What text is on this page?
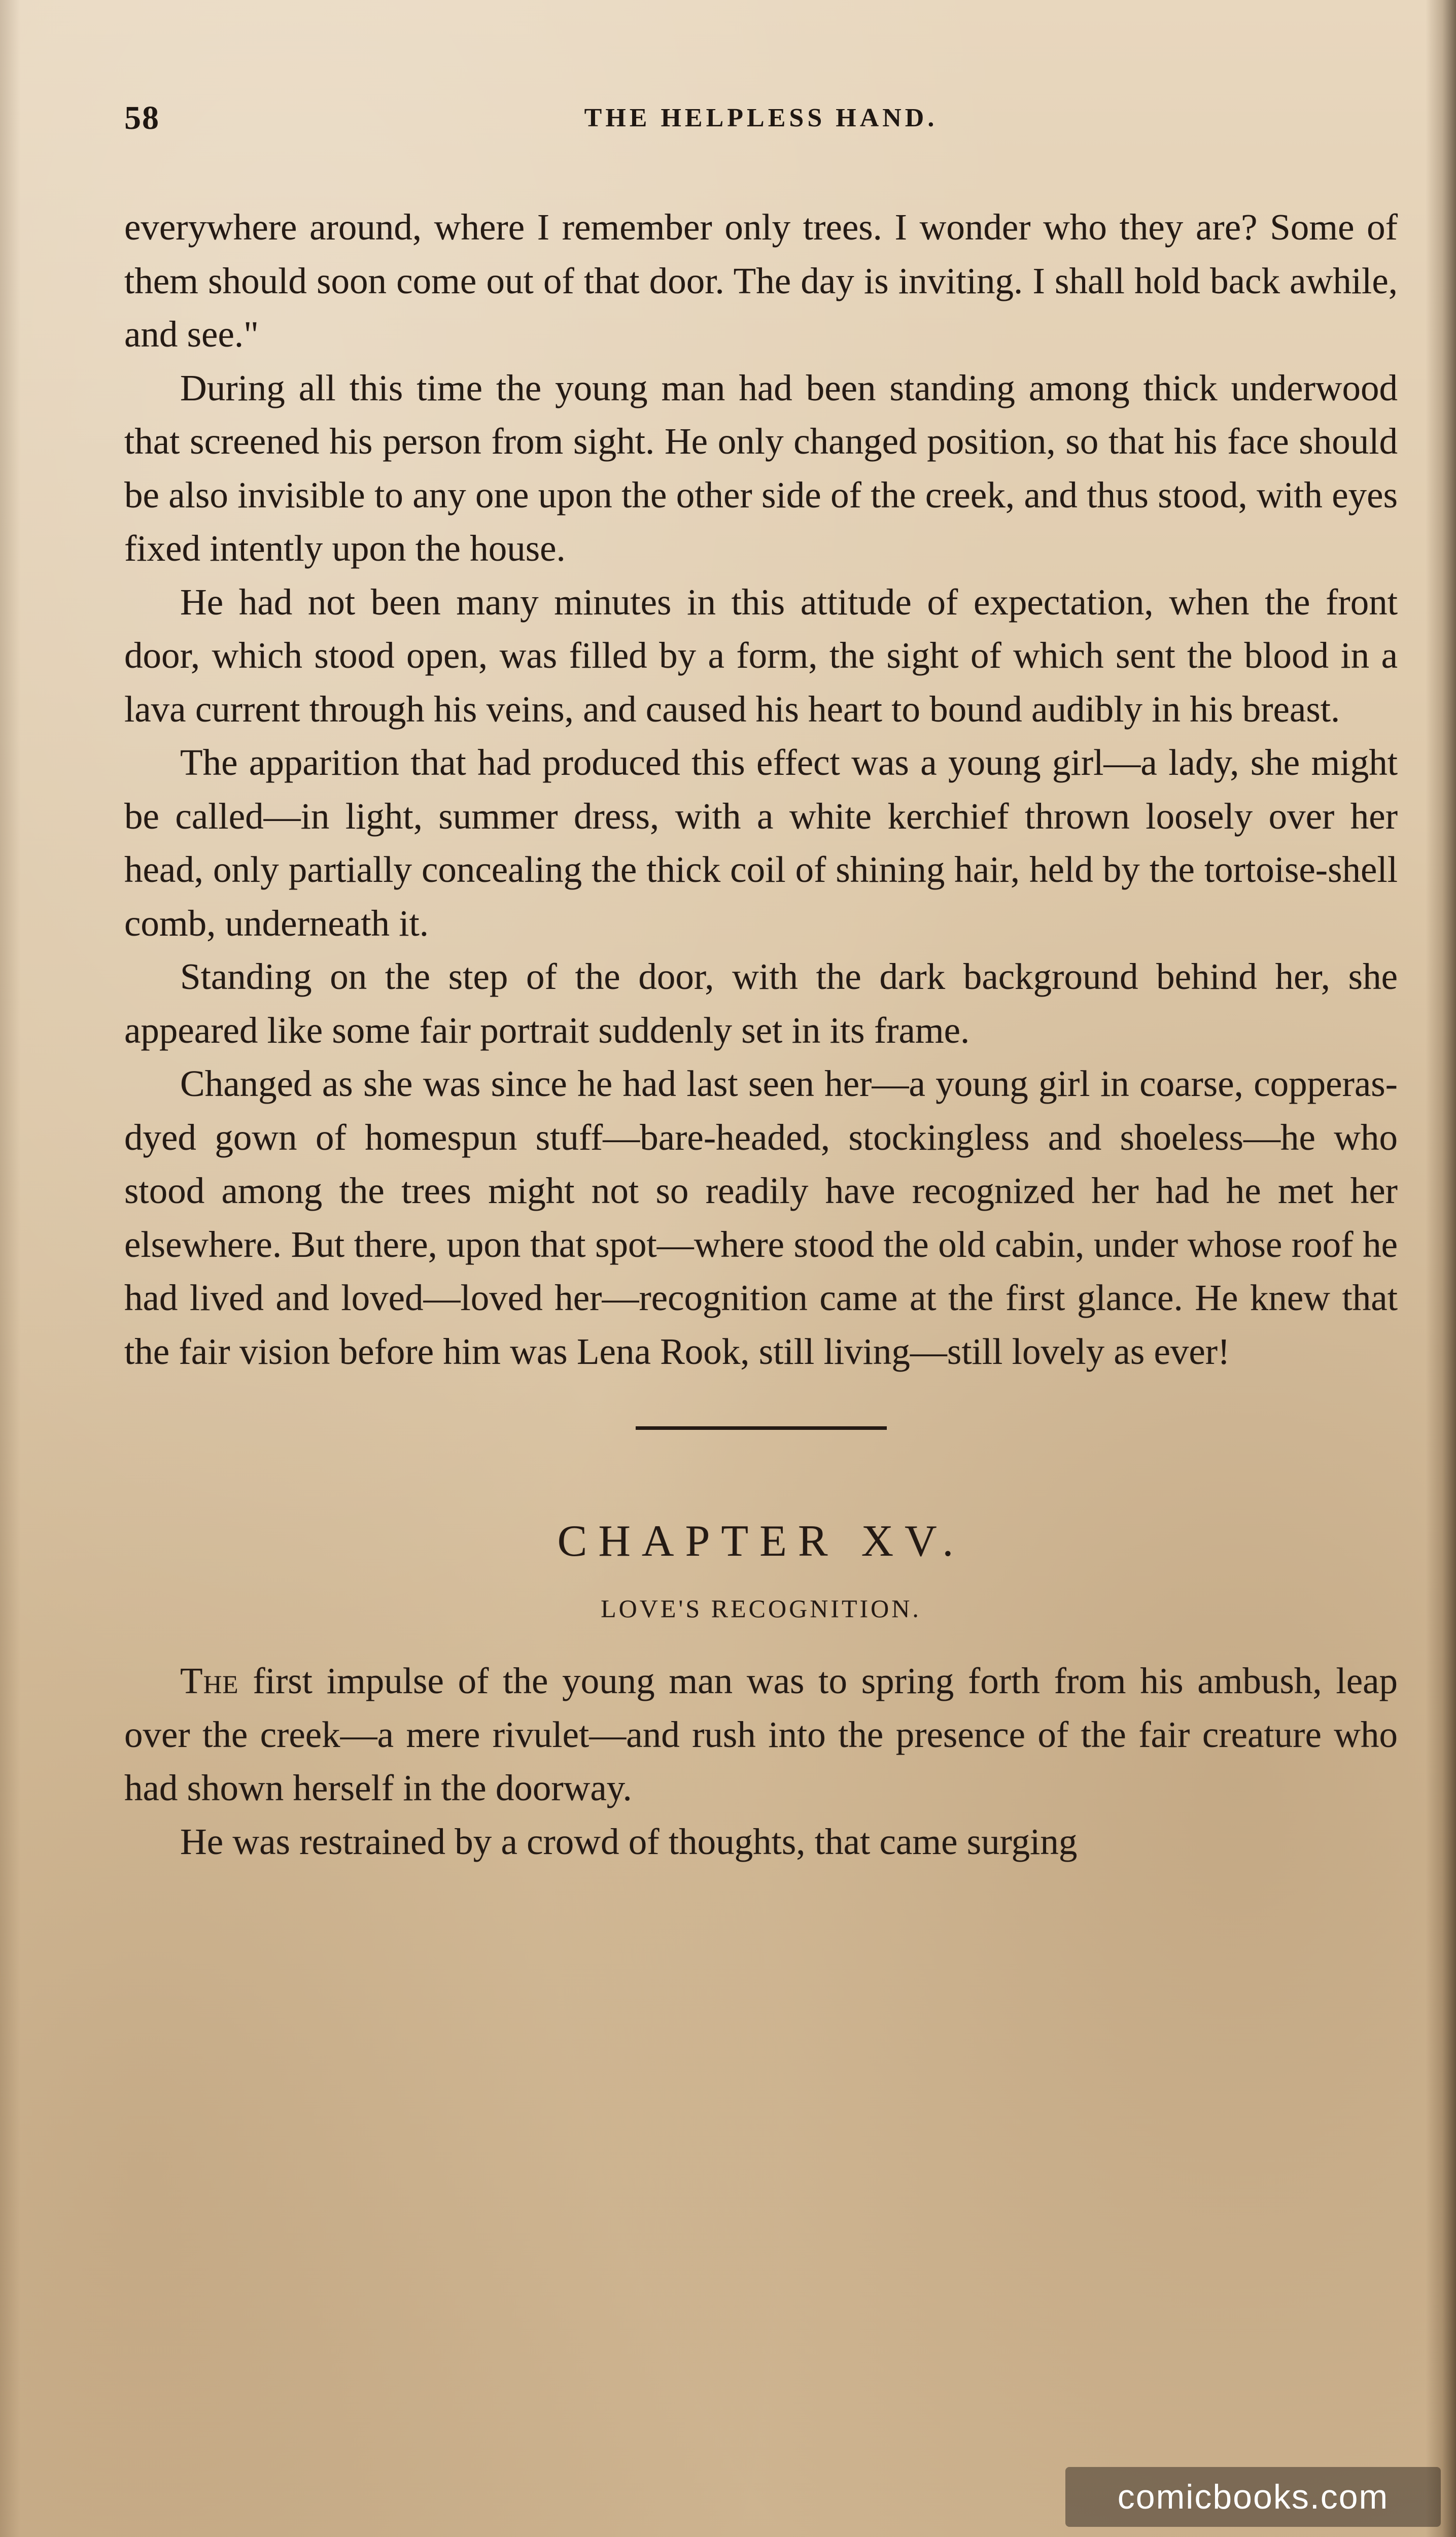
58	THE HELPLESS HAND.

everywhere around, where I remember only trees. I wonder who they are? Some of them should soon come out of that door. The day is inviting. I shall hold back awhile, and see."

During all this time the young man had been standing among thick underwood that screened his person from sight. He only changed position, so that his face should be also invisible to any one upon the other side of the creek, and thus stood, with eyes fixed intently upon the house.

He had not been many minutes in this attitude of expectation, when the front door, which stood open, was filled by a form, the sight of which sent the blood in a lava current through his veins, and caused his heart to bound audibly in his breast.

The apparition that had produced this effect was a young girl—a lady, she might be called—in light, summer dress, with a white kerchief thrown loosely over her head, only partially concealing the thick coil of shining hair, held by the tortoise-shell comb, underneath it.

Standing on the step of the door, with the dark background behind her, she appeared like some fair portrait suddenly set in its frame.

Changed as she was since he had last seen her—a young girl in coarse, copperas-dyed gown of homespun stuff—bare-headed, stockingless and shoeless—he who stood among the trees might not so readily have recognized her had he met her elsewhere. But there, upon that spot—where stood the old cabin, under whose roof he had lived and loved—loved her—recognition came at the first glance. He knew that the fair vision before him was Lena Rook, still living—still lovely as ever!

CHAPTER XV.
LOVE'S RECOGNITION.

The first impulse of the young man was to spring forth from his ambush, leap over the creek—a mere rivulet—and rush into the presence of the fair creature who had shown herself in the doorway.

He was restrained by a crowd of thoughts, that came surging

comicbooks.com
